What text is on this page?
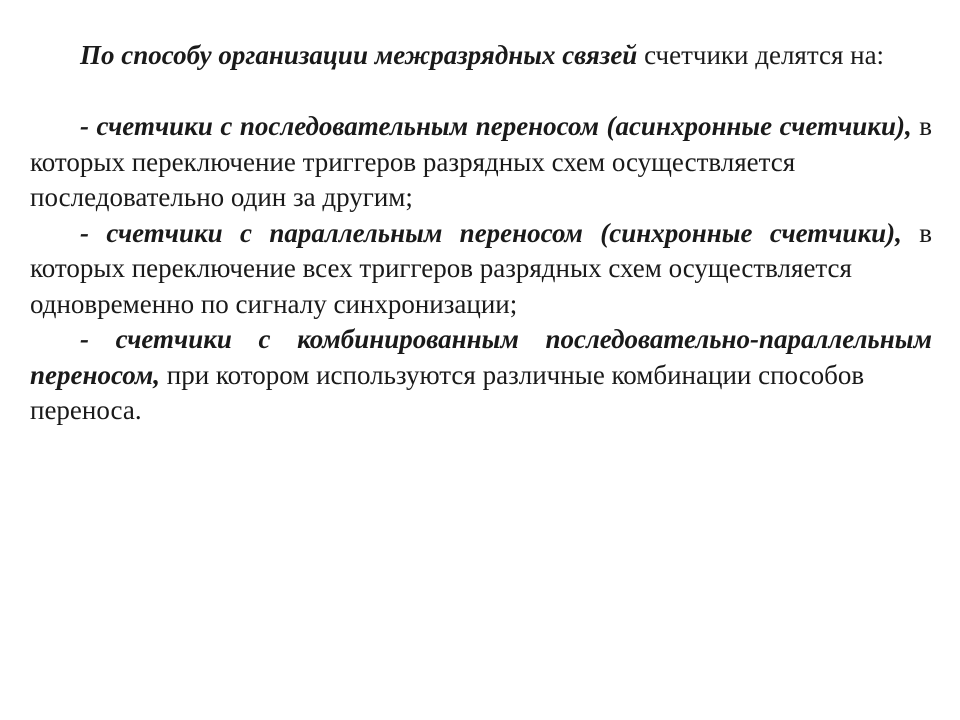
По способу организации межразрядных связей счетчики делятся на:

- счетчики с последовательным переносом (асинхронные счетчики), в которых переключение триггеров разрядных схем осуществляется

последовательно один за другим;

- счетчики с параллельным переносом (синхронные счетчики), в которых переключение всех триггеров разрядных схем осуществляется

одновременно по сигналу синхронизации;

- счетчики с комбинированным последовательно-параллельным переносом, при котором используются различные комбинации способов

переноса.
